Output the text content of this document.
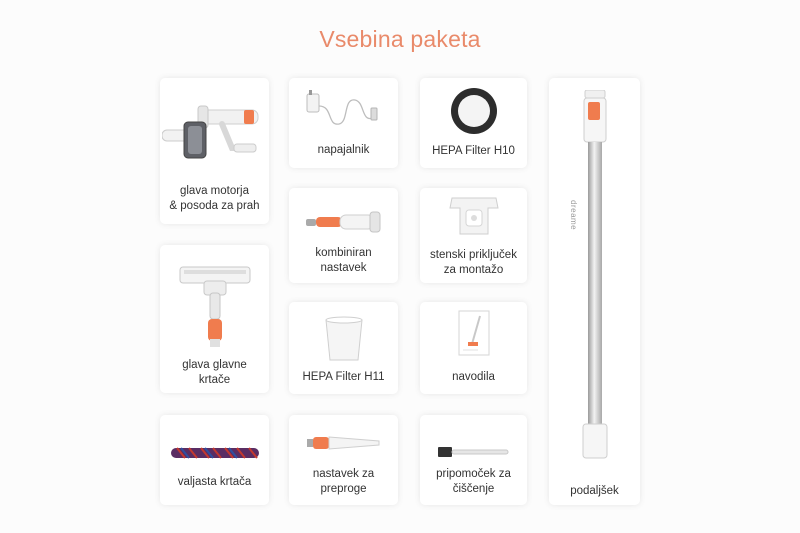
Vsebina paketa
glava motorja
& posoda za prah
napajalnik	HEPA Filter H10
kombiniran
nastavek
stenski priključek
za montažo
glava glavne
krtače	HEPA Filter H11	navodila
valjasta krtača
nastavek za
preproge
pripomoček za
čiščenje
dreame
podaljšek
